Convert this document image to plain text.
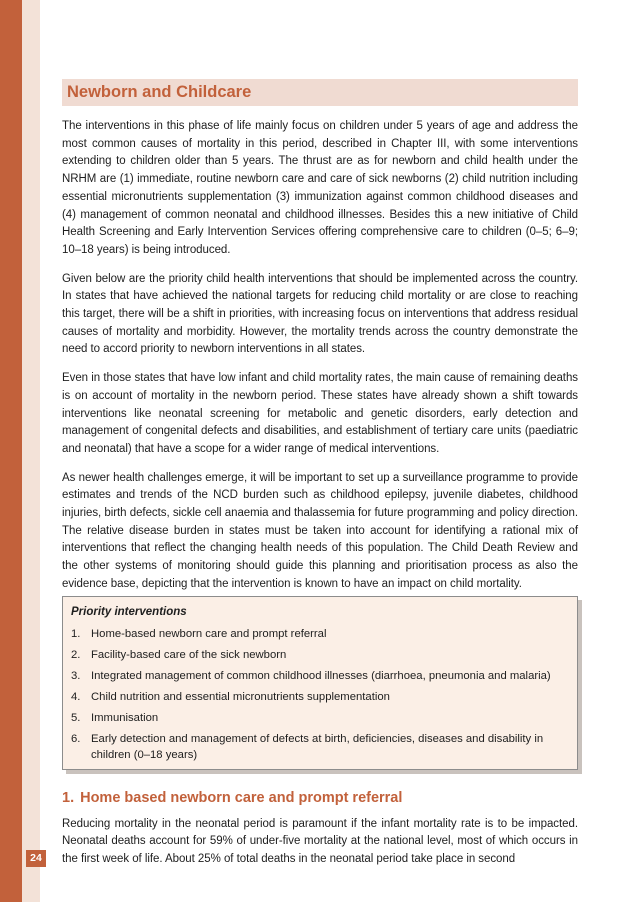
Newborn and Childcare

The interventions in this phase of life mainly focus on children under 5 years of age and address the most common causes of mortality in this period, described in Chapter III, with some interventions extending to children older than 5 years. The thrust are as for newborn and child health under the NRHM are (1) immediate, routine newborn care and care of sick newborns (2) child nutrition including essential micronutrients supplementation (3) immunization against common childhood diseases and (4) management of common neonatal and childhood illnesses. Besides this a new initiative of Child Health Screening and Early Intervention Services offering comprehensive care to children (0–5; 6–9; 10–18 years) is being introduced.

Given below are the priority child health interventions that should be implemented across the country. In states that have achieved the national targets for reducing child mortality or are close to reaching this target, there will be a shift in priorities, with increasing focus on interventions that address residual causes of mortality and morbidity. However, the mortality trends across the country demonstrate the need to accord priority to newborn interventions in all states.

Even in those states that have low infant and child mortality rates, the main cause of remaining deaths is on account of mortality in the newborn period. These states have already shown a shift towards interventions like neonatal screening for metabolic and genetic disorders, early detection and management of congenital defects and disabilities, and establishment of tertiary care units (paediatric and neonatal) that have a scope for a wider range of medical interventions.

As newer health challenges emerge, it will be important to set up a surveillance programme to provide estimates and trends of the NCD burden such as childhood epilepsy, juvenile diabetes, childhood injuries, birth defects, sickle cell anaemia and thalassemia for future programming and policy direction. The relative disease burden in states must be taken into account for identifying a rational mix of interventions that reflect the changing health needs of this population. The Child Death Review and the other systems of monitoring should guide this planning and prioritisation process as also the evidence base, depicting that the intervention is known to have an impact on child mortality.

Priority interventions
1. Home-based newborn care and prompt referral
2. Facility-based care of the sick newborn
3. Integrated management of common childhood illnesses (diarrhoea, pneumonia and malaria)
4. Child nutrition and essential micronutrients supplementation
5. Immunisation
6. Early detection and management of defects at birth, deficiencies, diseases and disability in children (0–18 years)
1. Home based newborn care and prompt referral

Reducing mortality in the neonatal period is paramount if the infant mortality rate is to be impacted. Neonatal deaths account for 59% of under-five mortality at the national level, most of which occurs in the first week of life. About 25% of total deaths in the neonatal period take place in second

24
